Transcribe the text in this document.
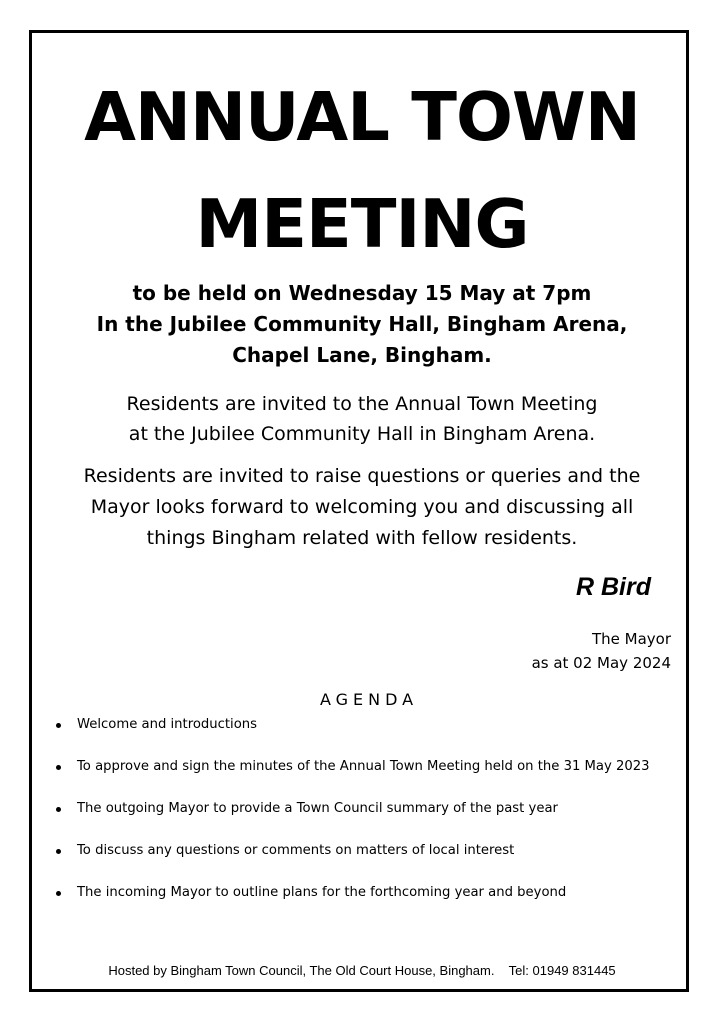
ANNUAL TOWN
MEETING
to be held on Wednesday 15 May at 7pm
In the Jubilee Community Hall, Bingham Arena,
Chapel Lane, Bingham.
Residents are invited to the Annual Town Meeting
at the Jubilee Community Hall in Bingham Arena.
Residents are invited to raise questions or queries and the
Mayor looks forward to welcoming you and discussing all
things Bingham related with fellow residents.
R Bird
The Mayor
as at 02 May 2024
AGENDA
Welcome and introductions
To approve and sign the minutes of the Annual Town Meeting held on the 31 May 2023
The outgoing Mayor to provide a Town Council summary of the past year
To discuss any questions or comments on matters of local interest
The incoming Mayor to outline plans for the forthcoming year and beyond
Hosted by Bingham Town Council, The Old Court House, Bingham. Tel: 01949 831445
